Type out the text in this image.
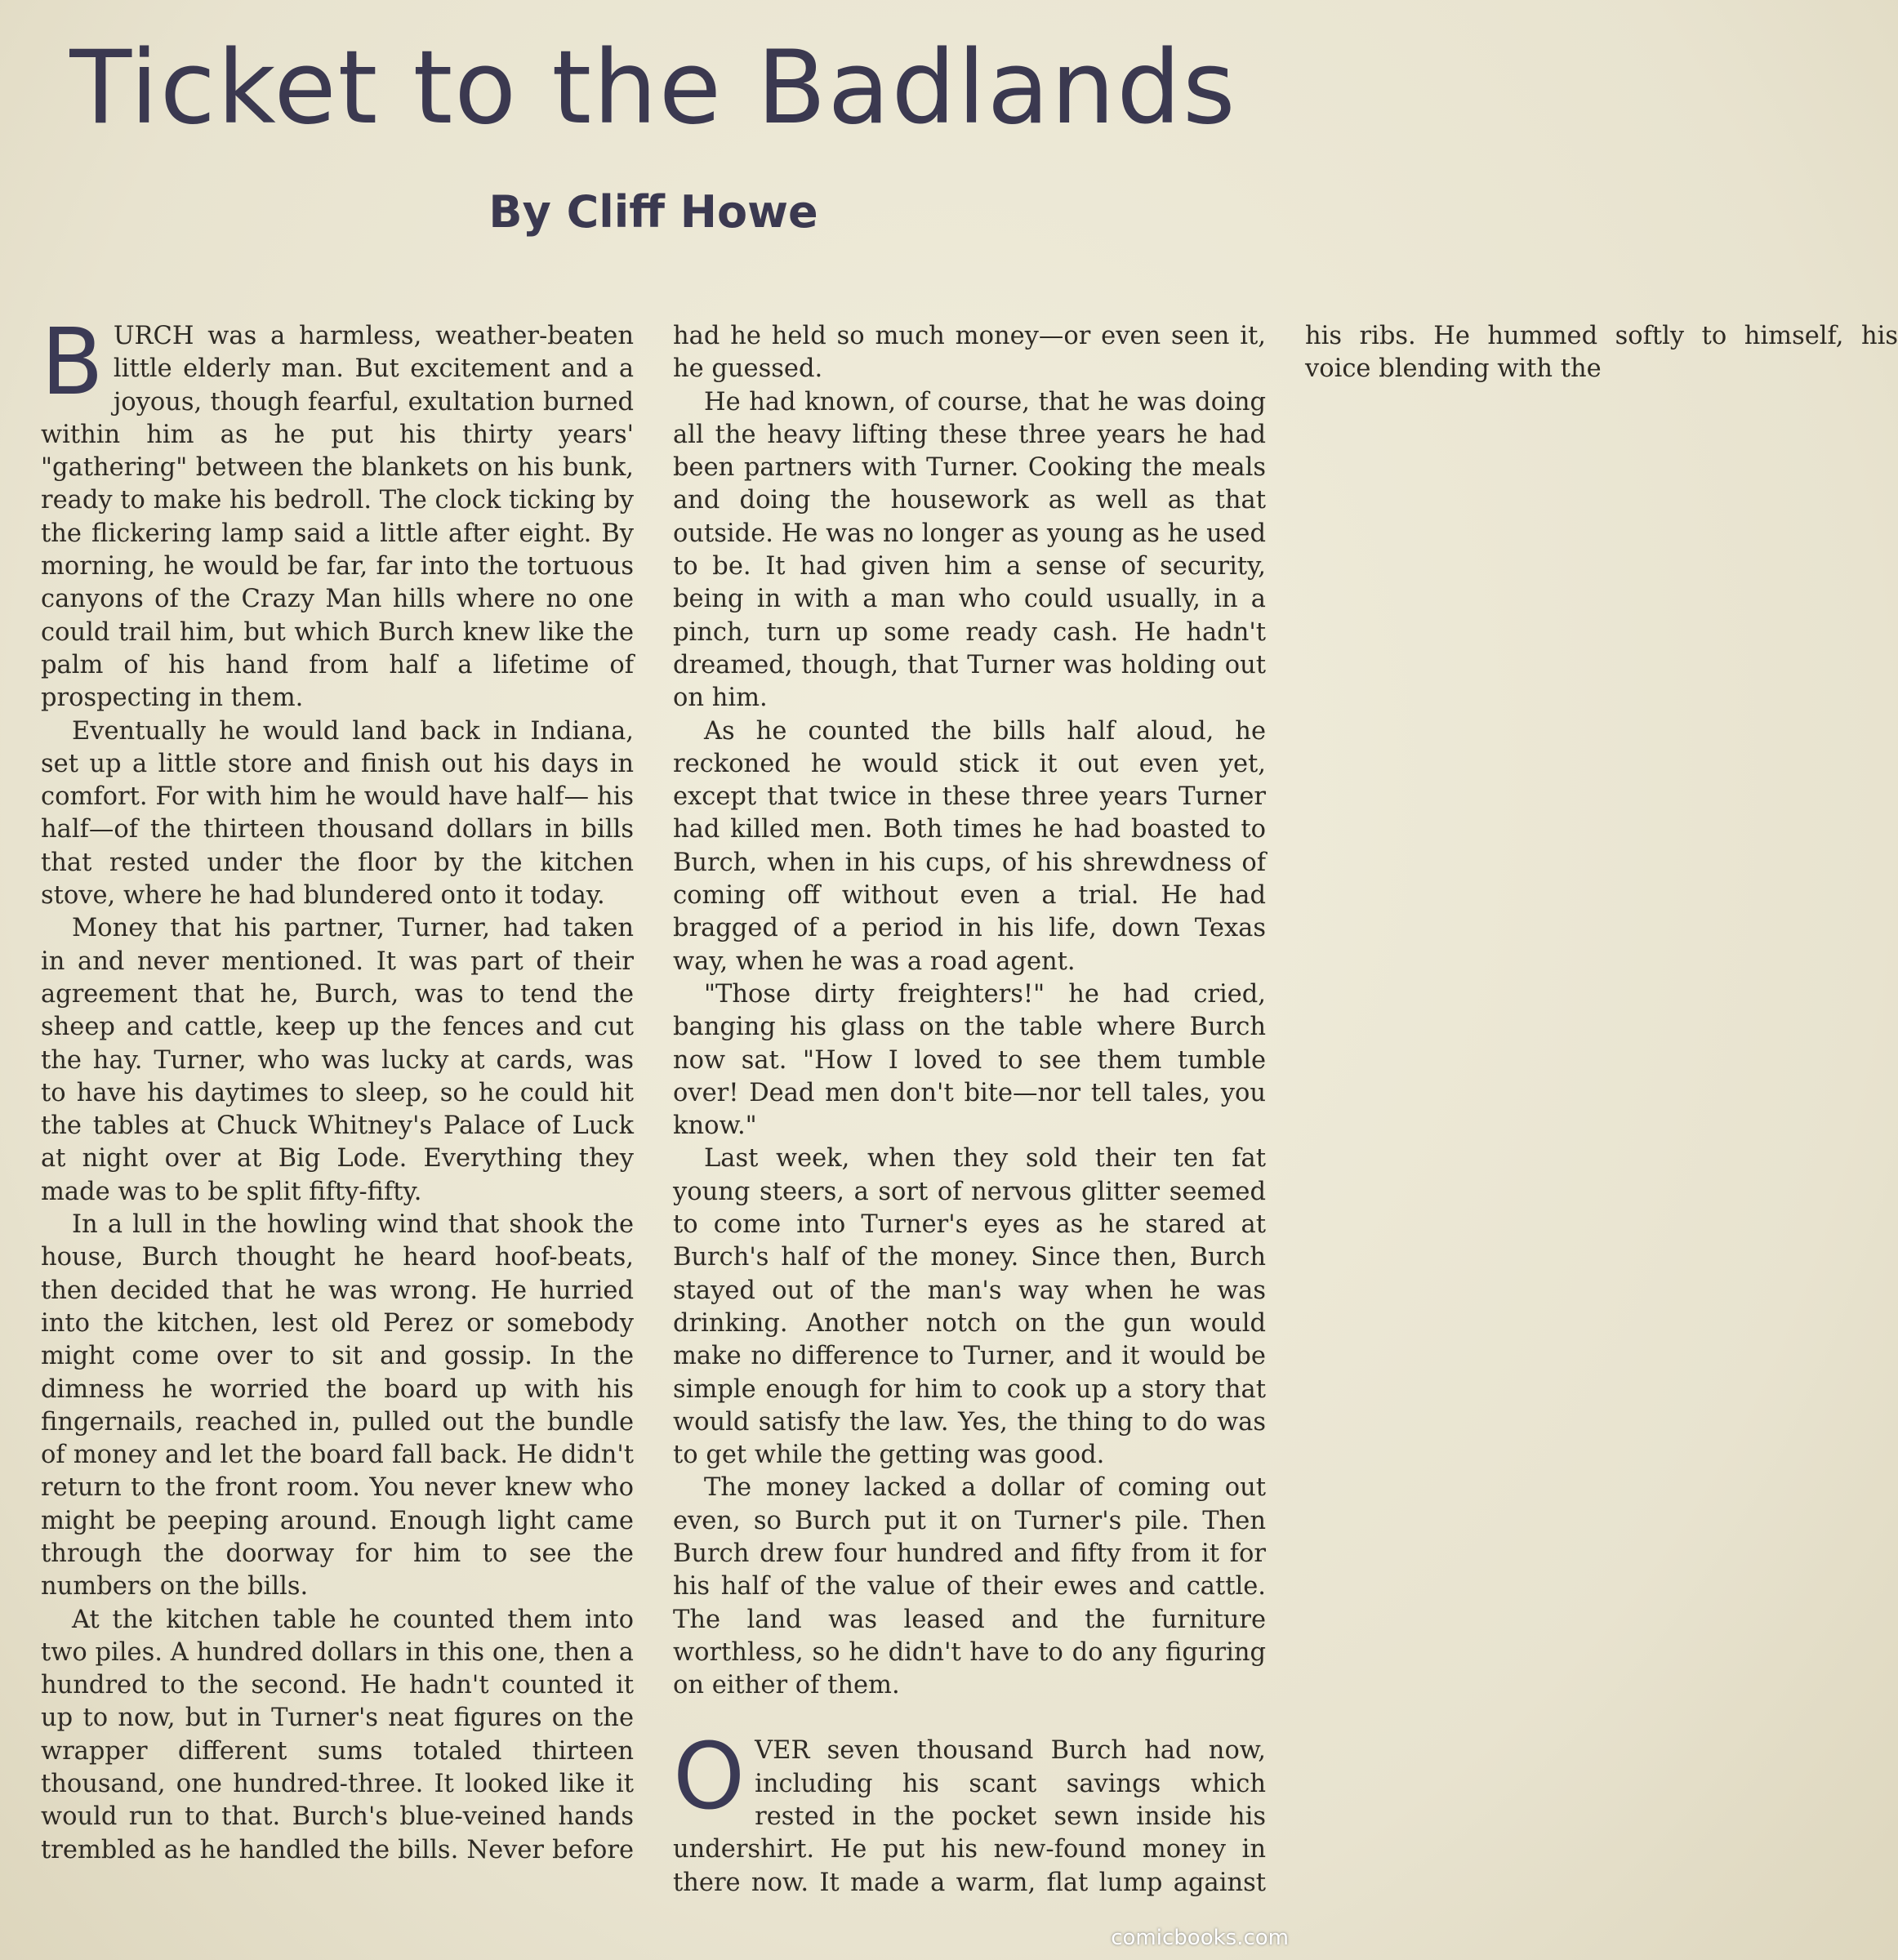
Ticket to the Badlands
By Cliff Howe

BURCH was a harmless, weather-beaten little elderly man. But excitement and a joyous, though fearful, exultation burned within him as he put his thirty years' "gathering" between the blankets on his bunk, ready to make his bedroll. The clock ticking by the flickering lamp said a little after eight. By morning, he would be far, far into the tortuous canyons of the Crazy Man hills where no one could trail him, but which Burch knew like the palm of his hand from half a lifetime of prospecting in them.

Eventually he would land back in Indiana, set up a little store and finish out his days in comfort. For with him he would have half— his half—of the thirteen thousand dollars in bills that rested under the floor by the kitchen stove, where he had blundered onto it today.

Money that his partner, Turner, had taken in and never mentioned. It was part of their agreement that he, Burch, was to tend the sheep and cattle, keep up the fences and cut the hay. Turner, who was lucky at cards, was to have his daytimes to sleep, so he could hit the tables at Chuck Whitney's Palace of Luck at night over at Big Lode. Everything they made was to be split fifty-fifty.

In a lull in the howling wind that shook the house, Burch thought he heard hoof-beats, then decided that he was wrong. He hurried into the kitchen, lest old Perez or somebody might come over to sit and gossip. In the dimness he worried the board up with his fingernails, reached in, pulled out the bundle of money and let the board fall back. He didn't return to the front room. You never knew who might be peeping around. Enough light came through the doorway for him to see the numbers on the bills.

At the kitchen table he counted them into two piles. A hundred dollars in this one, then a hundred to the second. He hadn't counted it up to now, but in Turner's neat figures on the wrapper different sums totaled thirteen thousand, one hundred-three. It looked like it would run to that. Burch's blue-veined hands trembled as he handled the bills. Never before had he held so much money—or even seen it, he guessed.

He had known, of course, that he was doing all the heavy lifting these three years he had been partners with Turner. Cooking the meals and doing the housework as well as that outside. He was no longer as young as he used to be. It had given him a sense of security, being in with a man who could usually, in a pinch, turn up some ready cash. He hadn't dreamed, though, that Turner was holding out on him.

As he counted the bills half aloud, he reckoned he would stick it out even yet, except that twice in these three years Turner had killed men. Both times he had boasted to Burch, when in his cups, of his shrewdness of coming off without even a trial. He had bragged of a period in his life, down Texas way, when he was a road agent.

"Those dirty freighters!" he had cried, banging his glass on the table where Burch now sat. "How I loved to see them tumble over! Dead men don't bite—nor tell tales, you know."

Last week, when they sold their ten fat young steers, a sort of nervous glitter seemed to come into Turner's eyes as he stared at Burch's half of the money. Since then, Burch stayed out of the man's way when he was drinking. Another notch on the gun would make no difference to Turner, and it would be simple enough for him to cook up a story that would satisfy the law. Yes, the thing to do was to get while the getting was good.

The money lacked a dollar of coming out even, so Burch put it on Turner's pile. Then Burch drew four hundred and fifty from it for his half of the value of their ewes and cattle. The land was leased and the furniture worthless, so he didn't have to do any figuring on either of them.

OVER seven thousand Burch had now, including his scant savings which rested in the pocket sewn inside his undershirt. He put his new-found money in there now. It made a warm, flat lump against his ribs. He hummed softly to himself, his voice blending with the

comicbooks.com
